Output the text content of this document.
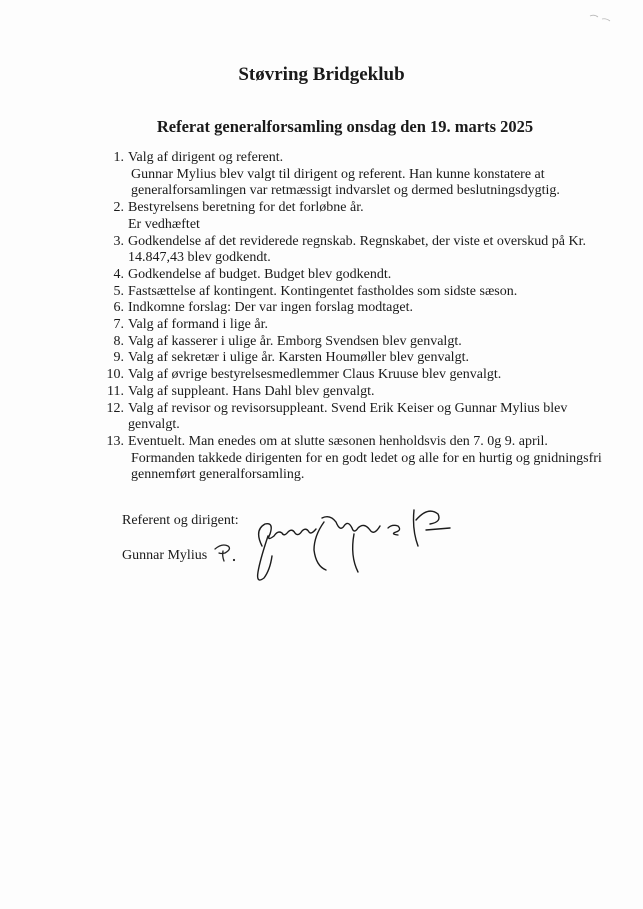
Støvring Bridgeklub
Referat generalforsamling onsdag den 19. marts 2025
1. Valg af dirigent og referent.
Gunnar Mylius blev valgt til dirigent og referent. Han kunne konstatere at generalforsamlingen var retmæssigt indvarslet og dermed beslutningsdygtig.
2. Bestyrelsens beretning for det forløbne år.
Er vedhæftet
3. Godkendelse af det reviderede regnskab. Regnskabet, der viste et overskud på Kr. 14.847,43 blev godkendt.
4. Godkendelse af budget. Budget blev godkendt.
5. Fastsættelse af kontingent. Kontingentet fastholdes som sidste sæson.
6. Indkomne forslag: Der var ingen forslag modtaget.
7. Valg af formand i lige år.
8. Valg af kasserer i ulige år. Emborg Svendsen blev genvalgt.
9. Valg af sekretær i ulige år. Karsten Houmøller blev genvalgt.
10. Valg af øvrige bestyrelsesmedlemmer Claus Kruuse blev genvalgt.
11. Valg af suppleant. Hans Dahl blev genvalgt.
12. Valg af revisor og revisorsuppleant. Svend Erik Keiser og Gunnar Mylius blev genvalgt.
13. Eventuelt. Man enedes om at slutte sæsonen henholdsvis den 7. 0g 9. april.
Formanden takkede dirigenten for en godt ledet og alle for en hurtig og gnidningsfri gennemført generalforsamling.
Referent og dirigent:
Gunnar Mylius
